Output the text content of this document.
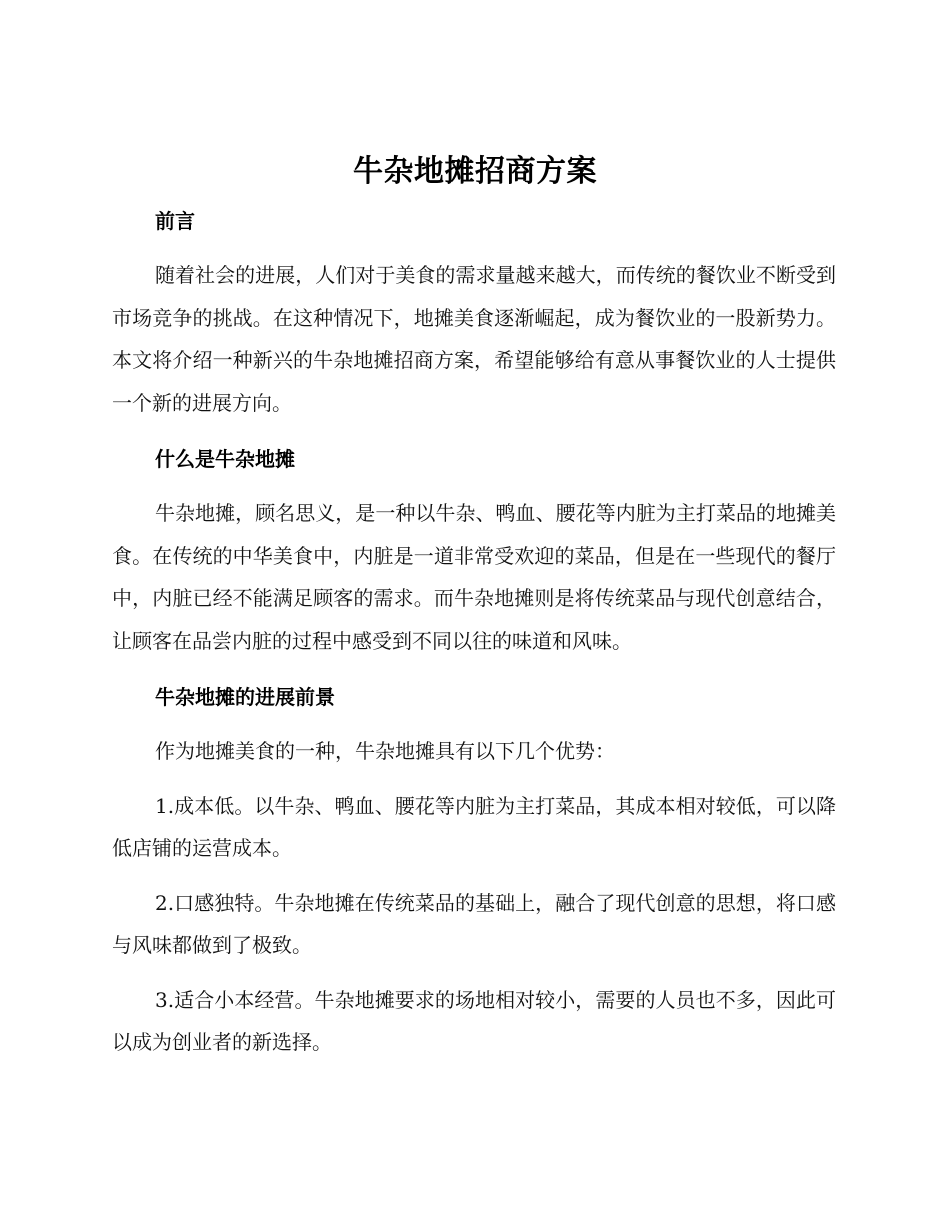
牛杂地摊招商方案

前言

随着社会的进展，人们对于美食的需求量越来越大，而传统的餐饮业不断受到市场竞争的挑战。在这种情况下，地摊美食逐渐崛起，成为餐饮业的一股新势力。本文将介绍一种新兴的牛杂地摊招商方案，希望能够给有意从事餐饮业的人士提供一个新的进展方向。

什么是牛杂地摊

牛杂地摊，顾名思义，是一种以牛杂、鸭血、腰花等内脏为主打菜品的地摊美食。在传统的中华美食中，内脏是一道非常受欢迎的菜品，但是在一些现代的餐厅中，内脏已经不能满足顾客的需求。而牛杂地摊则是将传统菜品与现代创意结合，让顾客在品尝内脏的过程中感受到不同以往的味道和风味。

牛杂地摊的进展前景

作为地摊美食的一种，牛杂地摊具有以下几个优势：

1.成本低。以牛杂、鸭血、腰花等内脏为主打菜品，其成本相对较低，可以降低店铺的运营成本。

2.口感独特。牛杂地摊在传统菜品的基础上，融合了现代创意的思想，将口感与风味都做到了极致。

3.适合小本经营。牛杂地摊要求的场地相对较小，需要的人员也不多，因此可以成为创业者的新选择。
